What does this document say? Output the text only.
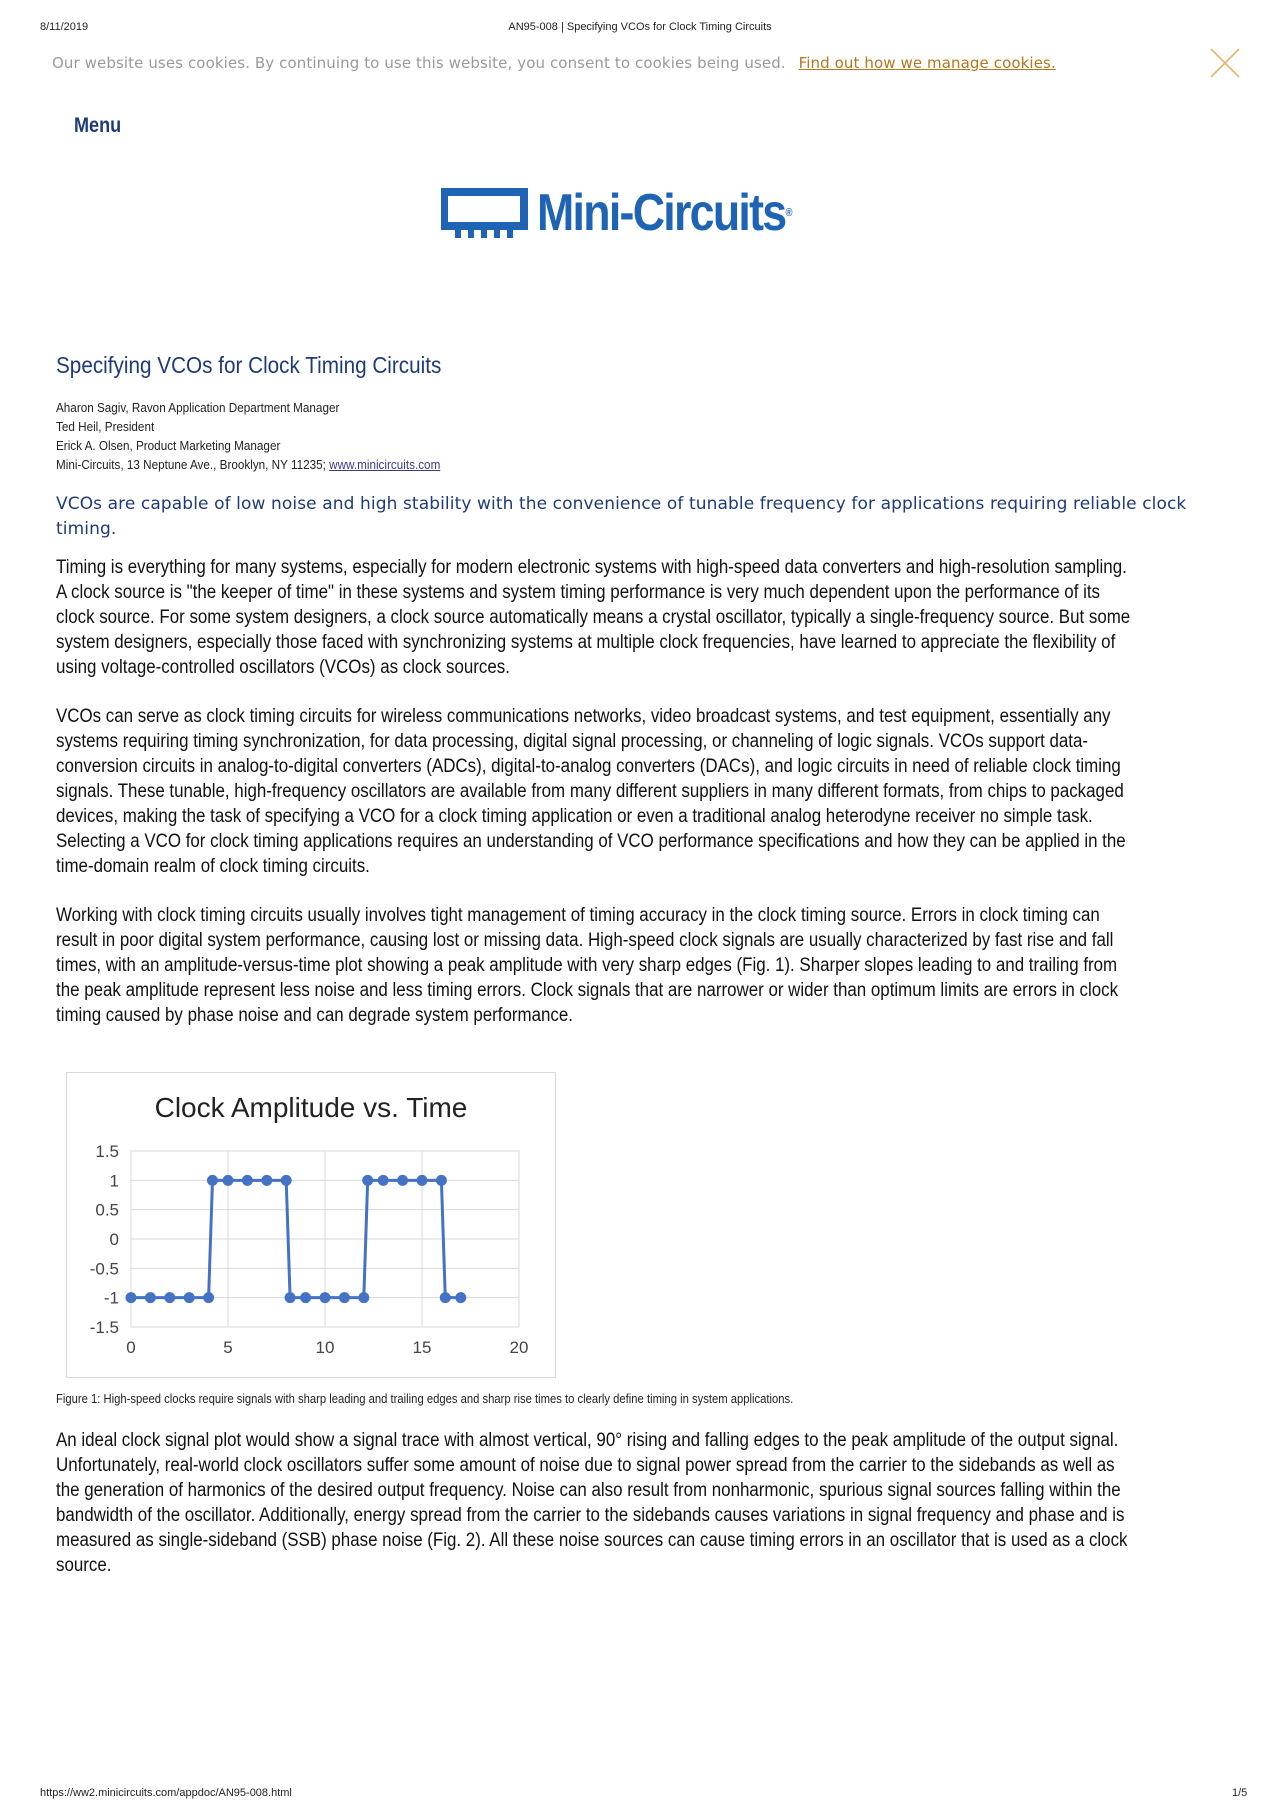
8/11/2019	AN95-008 | Specifying VCOs for Clock Timing Circuits
Our website uses cookies. By continuing to use this website, you consent to cookies being used. Find out how we manage cookies.
Menu
Mini-Circuits®
Specifying VCOs for Clock Timing Circuits
Aharon Sagiv, Ravon Application Department Manager
Ted Heil, President
Erick A. Olsen, Product Marketing Manager
Mini-Circuits, 13 Neptune Ave., Brooklyn, NY 11235; www.minicircuits.com
VCOs are capable of low noise and high stability with the convenience of tunable frequency for applications requiring reliable clock timing.

Timing is everything for many systems, especially for modern electronic systems with high-speed data converters and high-resolution sampling. A clock source is "the keeper of time" in these systems and system timing performance is very much dependent upon the performance of its clock source. For some system designers, a clock source automatically means a crystal oscillator, typically a single-frequency source. But some system designers, especially those faced with synchronizing systems at multiple clock frequencies, have learned to appreciate the flexibility of using voltage-controlled oscillators (VCOs) as clock sources.

VCOs can serve as clock timing circuits for wireless communications networks, video broadcast systems, and test equipment, essentially any systems requiring timing synchronization, for data processing, digital signal processing, or channeling of logic signals. VCOs support data-conversion circuits in analog-to-digital converters (ADCs), digital-to-analog converters (DACs), and logic circuits in need of reliable clock timing signals. These tunable, high-frequency oscillators are available from many different suppliers in many different formats, from chips to packaged devices, making the task of specifying a VCO for a clock timing application or even a traditional analog heterodyne receiver no simple task. Selecting a VCO for clock timing applications requires an understanding of VCO performance specifications and how they can be applied in the time-domain realm of clock timing circuits.

Working with clock timing circuits usually involves tight management of timing accuracy in the clock timing source. Errors in clock timing can result in poor digital system performance, causing lost or missing data. High-speed clock signals are usually characterized by fast rise and fall times, with an amplitude-versus-time plot showing a peak amplitude with very sharp edges (Fig. 1). Sharper slopes leading to and trailing from the peak amplitude represent less noise and less timing errors. Clock signals that are narrower or wider than optimum limits are errors in clock timing caused by phase noise and can degrade system performance.

Clock Amplitude vs. Time
1.5
1
0.5
0
-0.5
-1
-1.5
0	5	10	15	20
Figure 1: High-speed clocks require signals with sharp leading and trailing edges and sharp rise times to clearly define timing in system applications.

An ideal clock signal plot would show a signal trace with almost vertical, 90° rising and falling edges to the peak amplitude of the output signal. Unfortunately, real-world clock oscillators suffer some amount of noise due to signal power spread from the carrier to the sidebands as well as the generation of harmonics of the desired output frequency. Noise can also result from nonharmonic, spurious signal sources falling within the bandwidth of the oscillator. Additionally, energy spread from the carrier to the sidebands causes variations in signal frequency and phase and is measured as single-sideband (SSB) phase noise (Fig. 2). All these noise sources can cause timing errors in an oscillator that is used as a clock source.

https://ww2.minicircuits.com/appdoc/AN95-008.html	1/5
